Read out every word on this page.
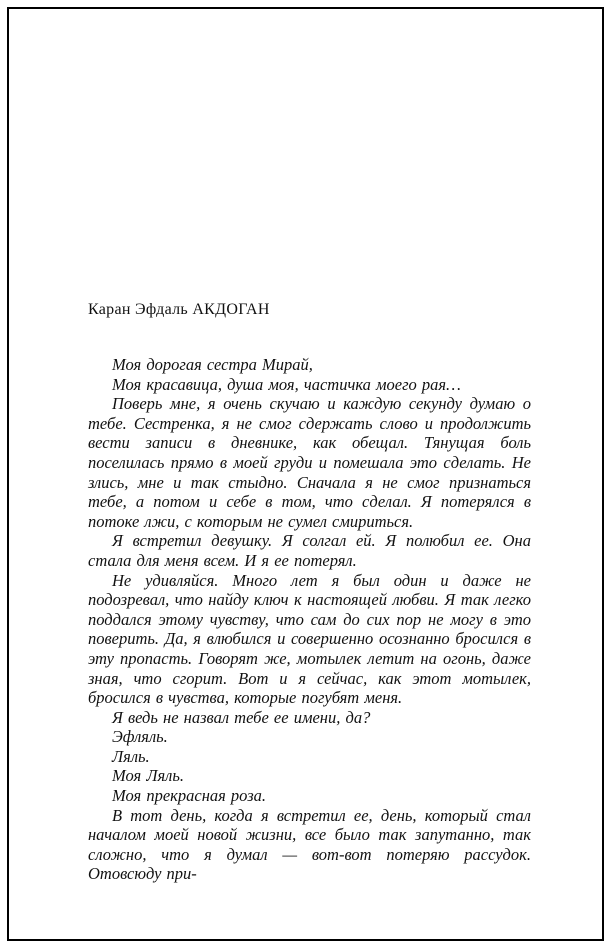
Каран Эфдаль АКДОГАН

Моя дорогая сестра Мирай,

Моя красавица, душа моя, частичка моего рая…

Поверь мне, я очень скучаю и каждую секунду думаю о тебе. Сестренка, я не смог сдержать слово и продолжить вести записи в дневнике, как обещал. Тянущая боль поселилась прямо в моей груди и помешала это сделать. Не злись, мне и так стыдно. Сначала я не смог признаться тебе, а потом и себе в том, что сделал. Я потерялся в потоке лжи, с которым не сумел смириться.

Я встретил девушку. Я солгал ей. Я полюбил ее. Она стала для меня всем. И я ее потерял.

Не удивляйся. Много лет я был один и даже не подозревал, что найду ключ к настоящей любви. Я так легко поддался этому чувству, что сам до сих пор не могу в это поверить. Да, я влюбился и совершенно осознанно бросился в эту пропасть. Говорят же, мотылек летит на огонь, даже зная, что сгорит. Вот и я сейчас, как этот мотылек, бросился в чувства, которые погубят меня.

Я ведь не назвал тебе ее имени, да?

Эфляль.

Ляль.

Моя Ляль.

Моя прекрасная роза.

В тот день, когда я встретил ее, день, который стал началом моей новой жизни, все было так запутанно, так сложно, что я думал — вот-вот потеряю рассудок. Отовсюду при-
